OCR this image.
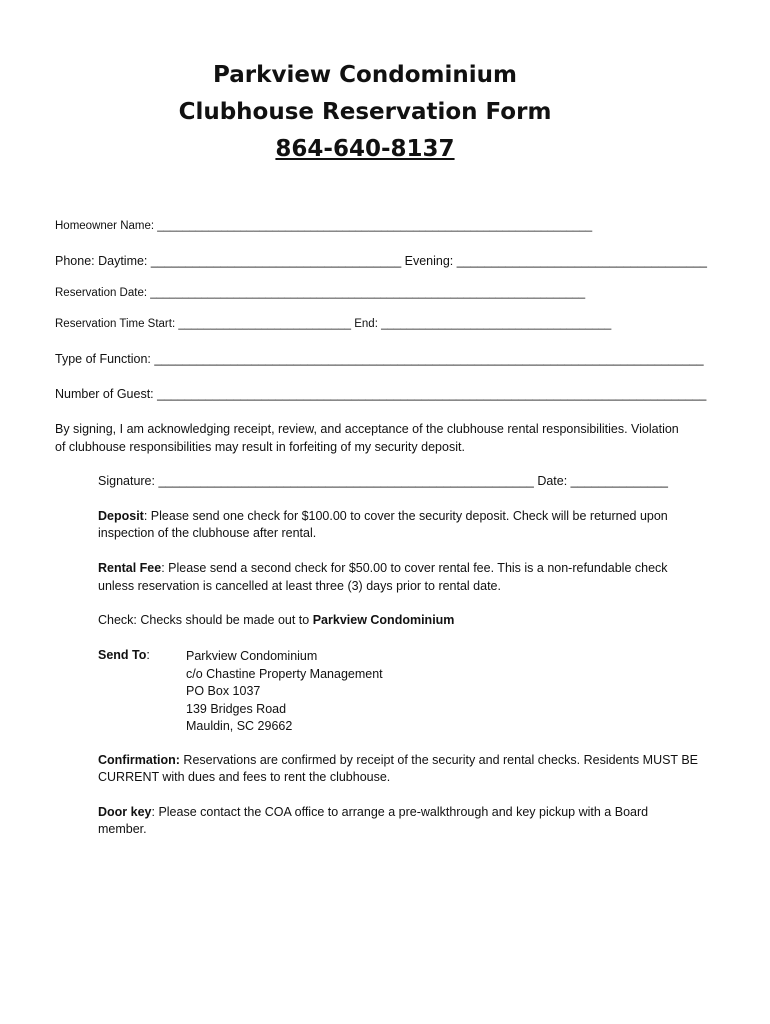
Parkview Condominium
Clubhouse Reservation Form
864-640-8137
Homeowner Name: ____________________________________________________________________
Phone: Daytime: ____________________________________ Evening: ____________________________________
Reservation Date: ____________________________________________________________________
Reservation Time Start: ___________________________ End: ____________________________________
Type of Function: _______________________________________________________________________________
Number of Guest: _______________________________________________________________________________
By signing, I am acknowledging receipt, review, and acceptance of the clubhouse rental responsibilities. Violation
of clubhouse responsibilities may result in forfeiting of my security deposit.
Signature: ______________________________________________________ Date: ______________
Deposit: Please send one check for $100.00 to cover the security deposit. Check will be returned upon
inspection of the clubhouse after rental.
Rental Fee: Please send a second check for $50.00 to cover rental fee. This is a non-refundable check
unless reservation is cancelled at least three (3) days prior to rental date.
Check: Checks should be made out to Parkview Condominium
Send To:	Parkview Condominium
c/o Chastine Property Management
PO Box 1037
139 Bridges Road
Mauldin, SC 29662
Confirmation: Reservations are confirmed by receipt of the security and rental checks. Residents MUST BE
CURRENT with dues and fees to rent the clubhouse.
Door key: Please contact the COA office to arrange a pre-walkthrough and key pickup with a Board
member.
